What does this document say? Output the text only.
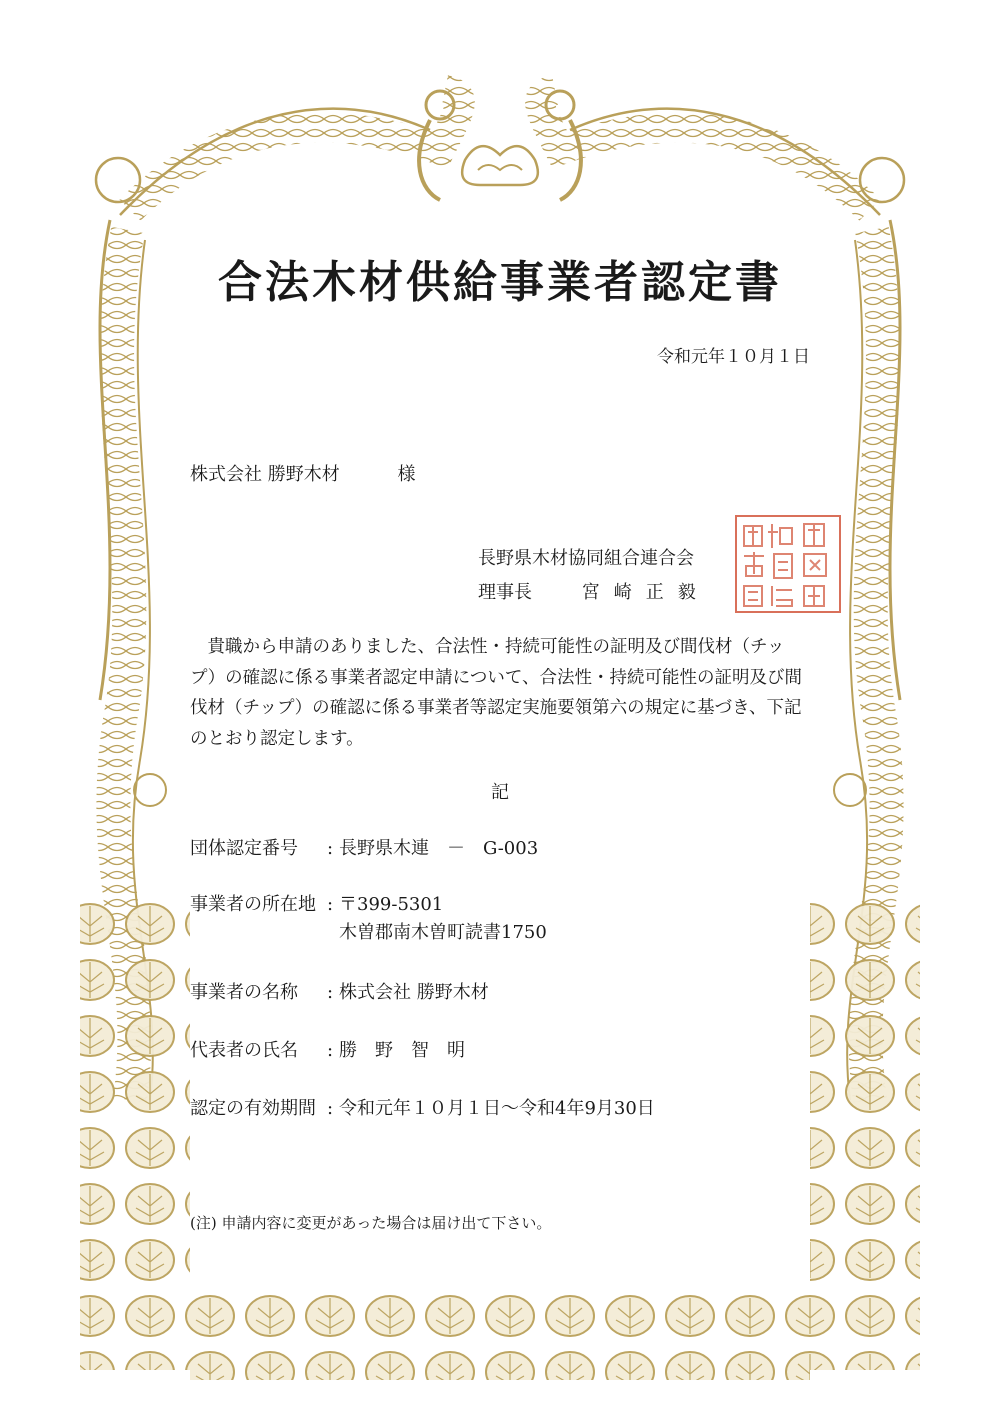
合法木材供給事業者認定書
令和元年１０月１日
株式会社 勝野木材	様
長野県木材協同組合連合会
理事長	宮崎正毅
貴職から申請のありました、合法性・持続可能性の証明及び間伐材（チップ）の確認に係る事業者認定申請について、合法性・持続可能性の証明及び間伐材（チップ）の確認に係る事業者等認定実施要領第六の規定に基づき、下記のとおり認定します。
記
団体認定番号 : 長野県木連　－　G-003
事業者の所在地 : 〒399-5301
木曽郡南木曽町読書1750
事業者の名称 : 株式会社 勝野木材
代表者の氏名 : 勝　野　智　明
認定の有効期間 : 令和元年１０月１日～令和4年9月30日
(注) 申請内容に変更があった場合は届け出て下さい。
